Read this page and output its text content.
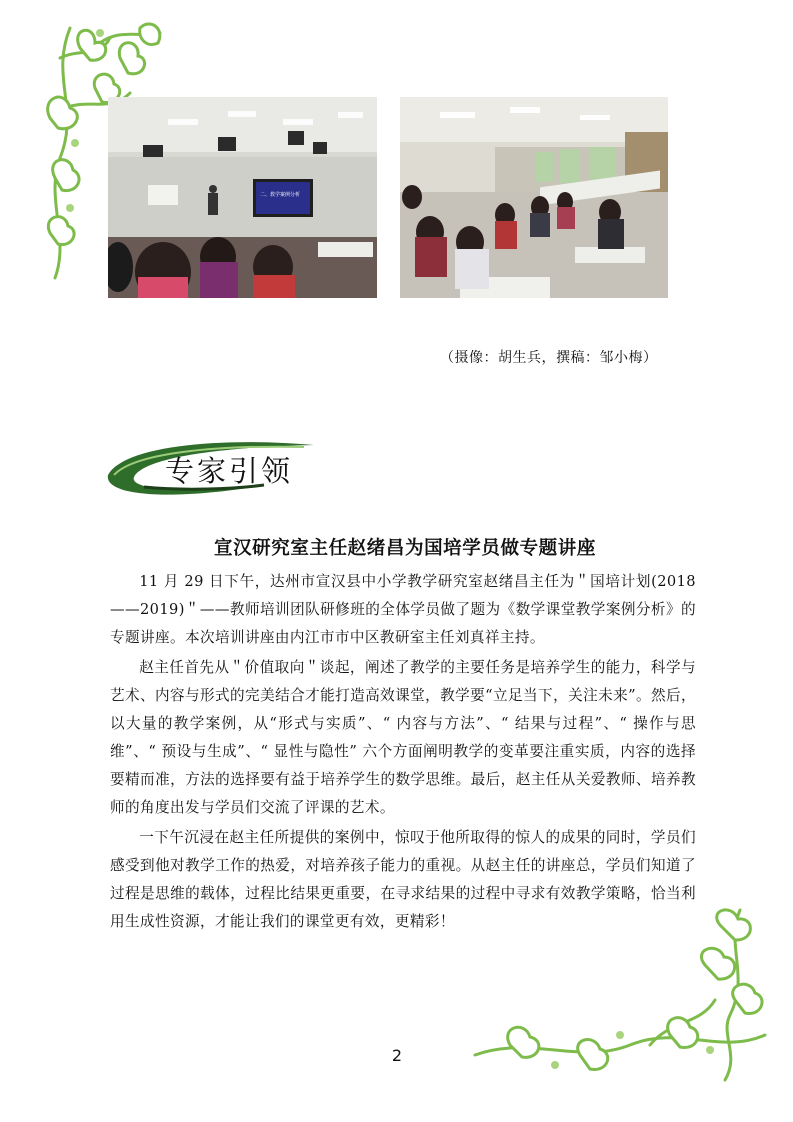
二、教学案例分析
（摄像：胡生兵，撰稿：邹小梅）
专家引领
宣汉研究室主任赵绪昌为国培学员做专题讲座

11 月 29 日下午，达州市宣汉县中小学教学研究室赵绪昌主任为＂国培计划(2018——2019)＂——教师培训团队研修班的全体学员做了题为《数学课堂教学案例分析》的专题讲座。本次培训讲座由内江市市中区教研室主任刘真祥主持。

赵主任首先从＂价值取向＂谈起，阐述了教学的主要任务是培养学生的能力，科学与艺术、内容与形式的完美结合才能打造高效课堂，教学要“立足当下，关注未来”。然后，以大量的教学案例，从“形式与实质”、“ 内容与方法”、“ 结果与过程”、“ 操作与思维”、“ 预设与生成”、“ 显性与隐性” 六个方面阐明教学的变革要注重实质，内容的选择要精而准，方法的选择要有益于培养学生的数学思维。最后，赵主任从关爱教师、培养教师的角度出发与学员们交流了评课的艺术。

一下午沉浸在赵主任所提供的案例中，惊叹于他所取得的惊人的成果的同时，学员们感受到他对教学工作的热爱，对培养孩子能力的重视。从赵主任的讲座总，学员们知道了过程是思维的载体，过程比结果更重要，在寻求结果的过程中寻求有效教学策略，恰当利用生成性资源，才能让我们的课堂更有效，更精彩！

2
